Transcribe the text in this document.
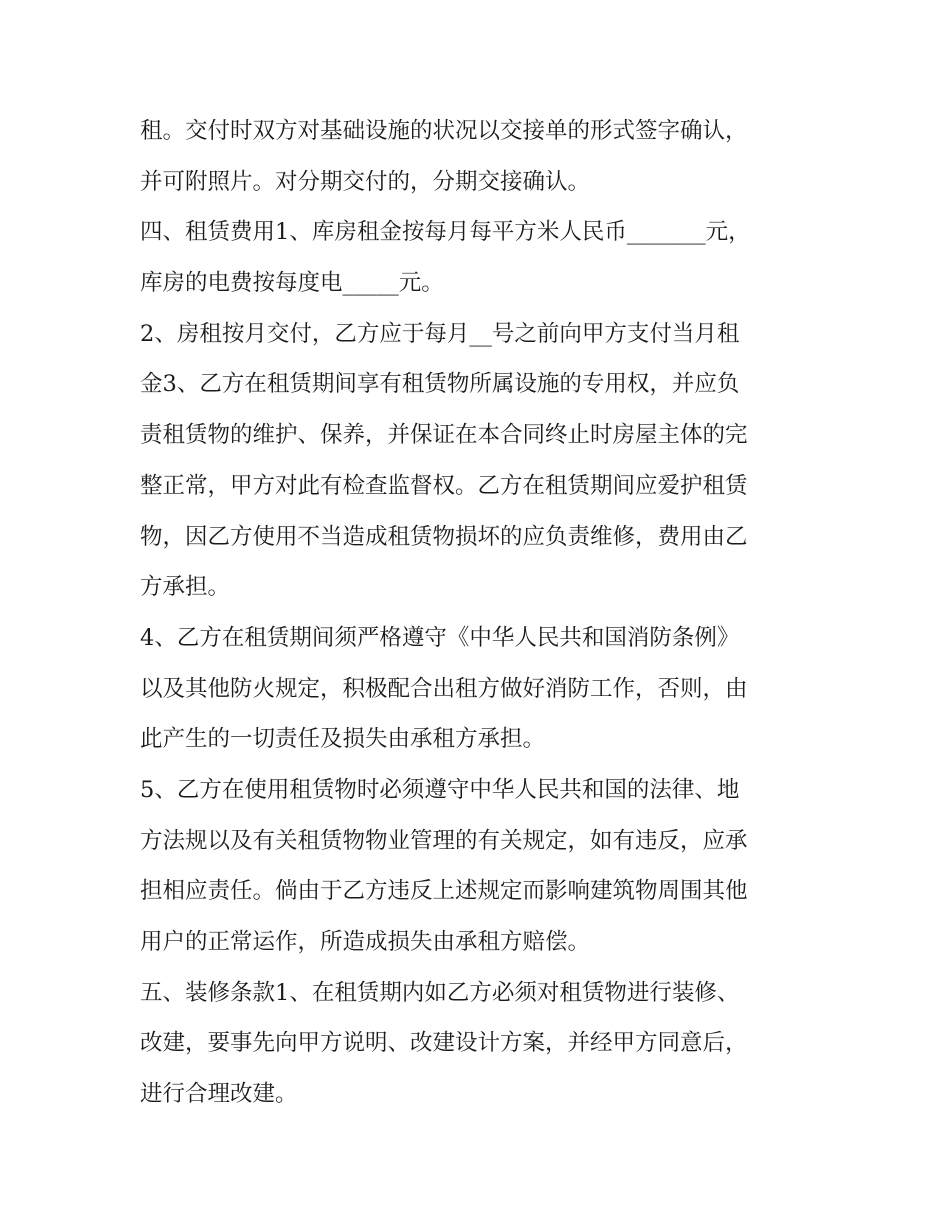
租。交付时双方对基础设施的状况以交接单的形式签字确认，
并可附照片。对分期交付的，分期交接确认。
四、租赁费用1、库房租金按每月每平方米人民币_______元，
库房的电费按每度电_____元。
2、房租按月交付，乙方应于每月__号之前向甲方支付当月租
金3、乙方在租赁期间享有租赁物所属设施的专用权，并应负
责租赁物的维护、保养，并保证在本合同终止时房屋主体的完
整正常，甲方对此有检查监督权。乙方在租赁期间应爱护租赁
物，因乙方使用不当造成租赁物损坏的应负责维修，费用由乙
方承担。
4、乙方在租赁期间须严格遵守《中华人民共和国消防条例》
以及其他防火规定，积极配合出租方做好消防工作，否则，由
此产生的一切责任及损失由承租方承担。
5、乙方在使用租赁物时必须遵守中华人民共和国的法律、地
方法规以及有关租赁物物业管理的有关规定，如有违反，应承
担相应责任。倘由于乙方违反上述规定而影响建筑物周围其他
用户的正常运作，所造成损失由承租方赔偿。
五、装修条款1、在租赁期内如乙方必须对租赁物进行装修、
改建，要事先向甲方说明、改建设计方案，并经甲方同意后，
进行合理改建。
